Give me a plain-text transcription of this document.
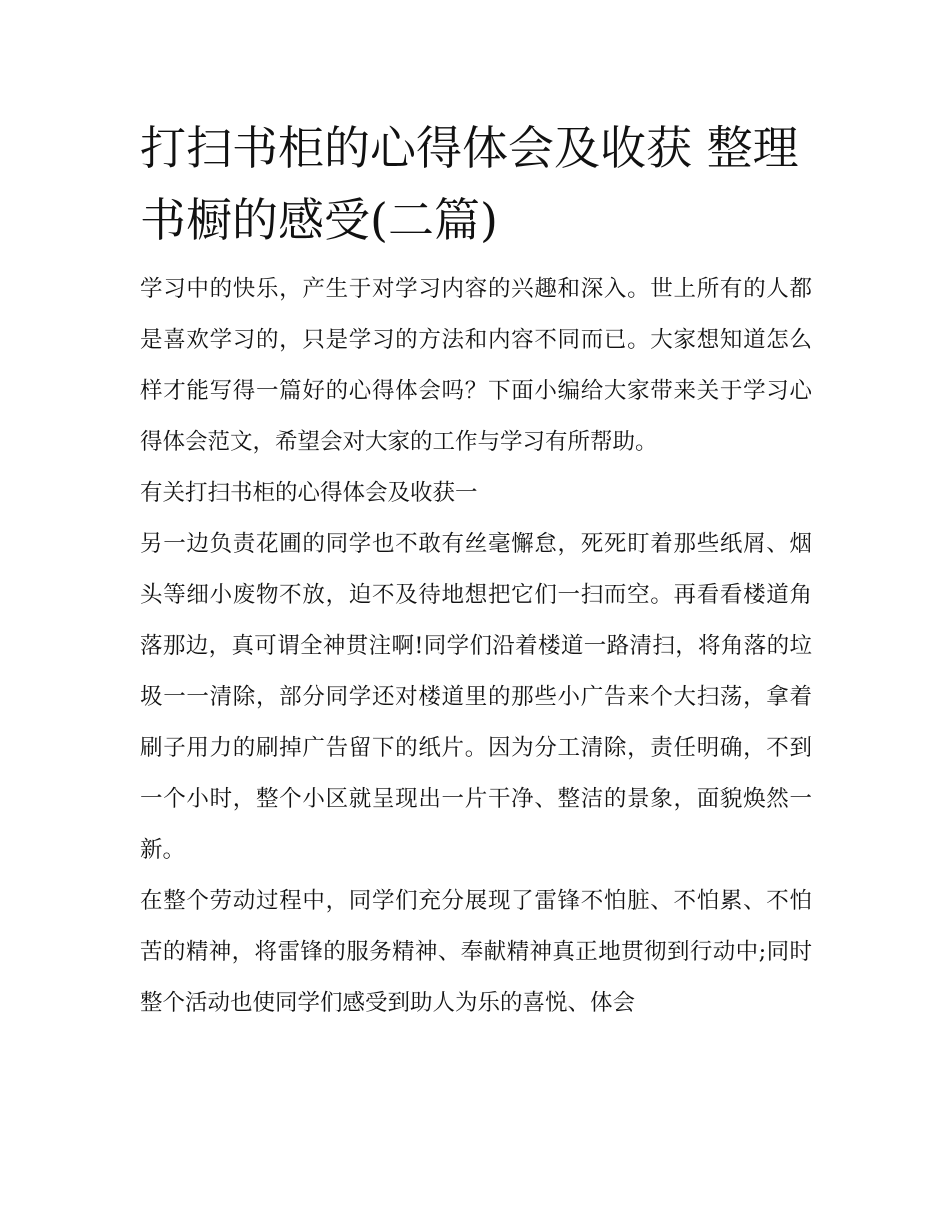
打扫书柜的心得体会及收获 整理书橱的感受(二篇)

学习中的快乐，产生于对学习内容的兴趣和深入。世上所有的人都是喜欢学习的，只是学习的方法和内容不同而已。大家想知道怎么样才能写得一篇好的心得体会吗？下面小编给大家带来关于学习心得体会范文，希望会对大家的工作与学习有所帮助。

有关打扫书柜的心得体会及收获一

另一边负责花圃的同学也不敢有丝毫懈怠，死死盯着那些纸屑、烟头等细小废物不放，迫不及待地想把它们一扫而空。再看看楼道角落那边，真可谓全神贯注啊!同学们沿着楼道一路清扫，将角落的垃圾一一清除，部分同学还对楼道里的那些小广告来个大扫荡，拿着刷子用力的刷掉广告留下的纸片。因为分工清除，责任明确，不到一个小时，整个小区就呈现出一片干净、整洁的景象，面貌焕然一新。

在整个劳动过程中，同学们充分展现了雷锋不怕脏、不怕累、不怕苦的精神，将雷锋的服务精神、奉献精神真正地贯彻到行动中;同时整个活动也使同学们感受到助人为乐的喜悦、体会
